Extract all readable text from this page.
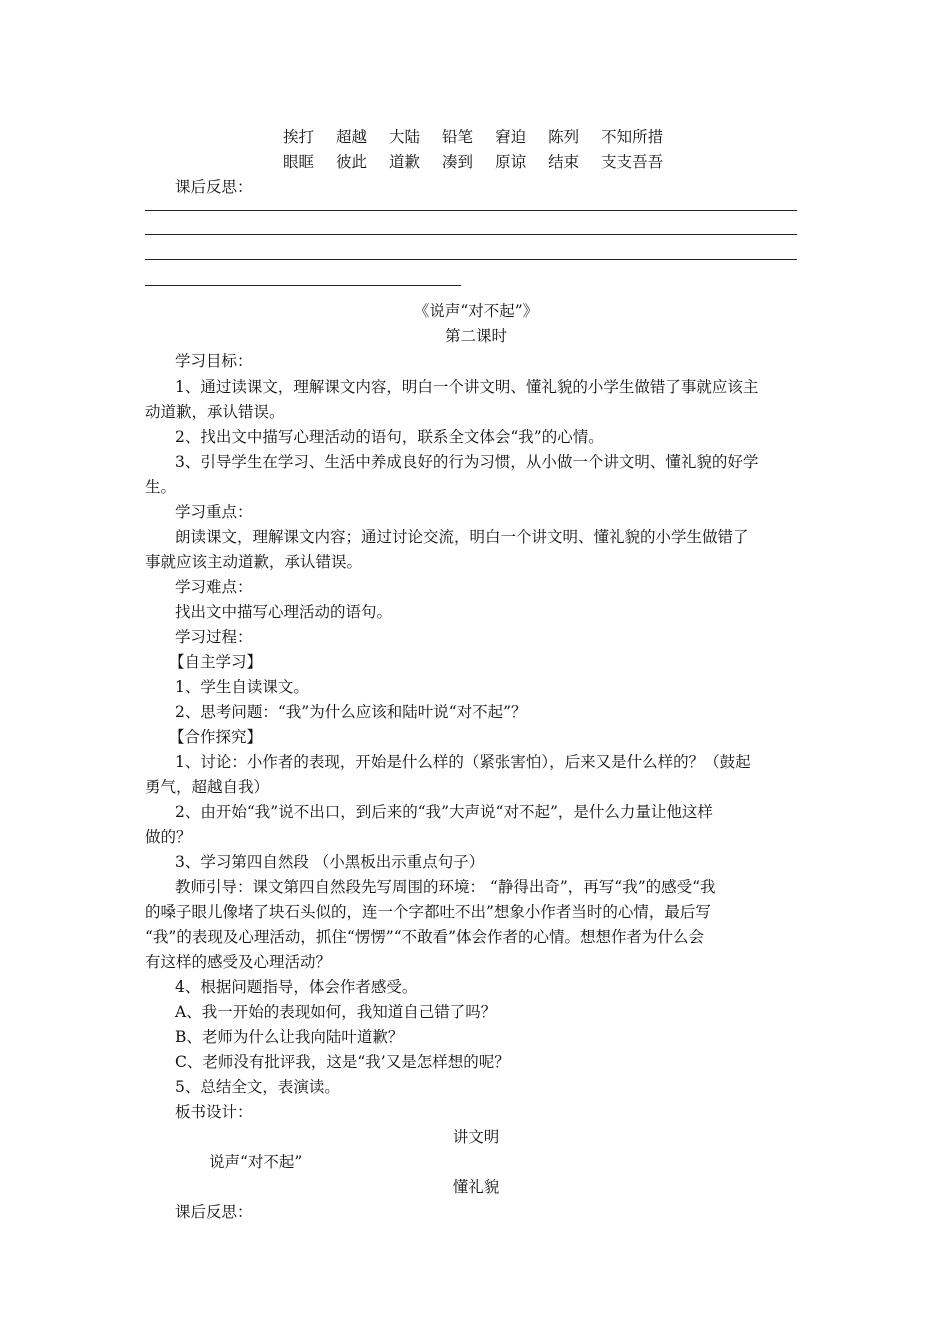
挨打 超越 大陆 铅笔 窘迫 陈列 不知所措
眼眶 彼此 道歉 凑到 原谅 结束 支支吾吾
课后反思：
《说声“对不起”》
第二课时
学习目标：
1、通过读课文，理解课文内容，明白一个讲文明、懂礼貌的小学生做错了事就应该主
动道歉，承认错误。
2、找出文中描写心理活动的语句，联系全文体会“我”的心情。
3、引导学生在学习、生活中养成良好的行为习惯，从小做一个讲文明、懂礼貌的好学
生。
学习重点：
朗读课文，理解课文内容；通过讨论交流，明白一个讲文明、懂礼貌的小学生做错了
事就应该主动道歉，承认错误。
学习难点：
找出文中描写心理活动的语句。
学习过程：
【自主学习】
1、学生自读课文。
2、思考问题：“我”为什么应该和陆叶说“对不起”？
【合作探究】
1、讨论：小作者的表现，开始是什么样的（紧张害怕），后来又是什么样的？（鼓起
勇气，超越自我）
2、由开始“我”说不出口，到后来的“我”大声说“对不起”，是什么力量让他这样
做的？
3、学习第四自然段 （小黑板出示重点句子）
教师引导：课文第四自然段先写周围的环境： “静得出奇”，再写“我”的感受“我
的嗓子眼儿像堵了块石头似的，连一个字都吐不出”想象小作者当时的心情，最后写
“我”的表现及心理活动，抓住“愣愣”“不敢看”体会作者的心情。想想作者为什么会
有这样的感受及心理活动？
4、根据问题指导，体会作者感受。
A、我一开始的表现如何，我知道自己错了吗？
B、老师为什么让我向陆叶道歉？
C、老师没有批评我，这是“我’又是怎样想的呢？
5、总结全文，表演读。
板书设计：
讲文明
说声“对不起”
懂礼貌
课后反思：
